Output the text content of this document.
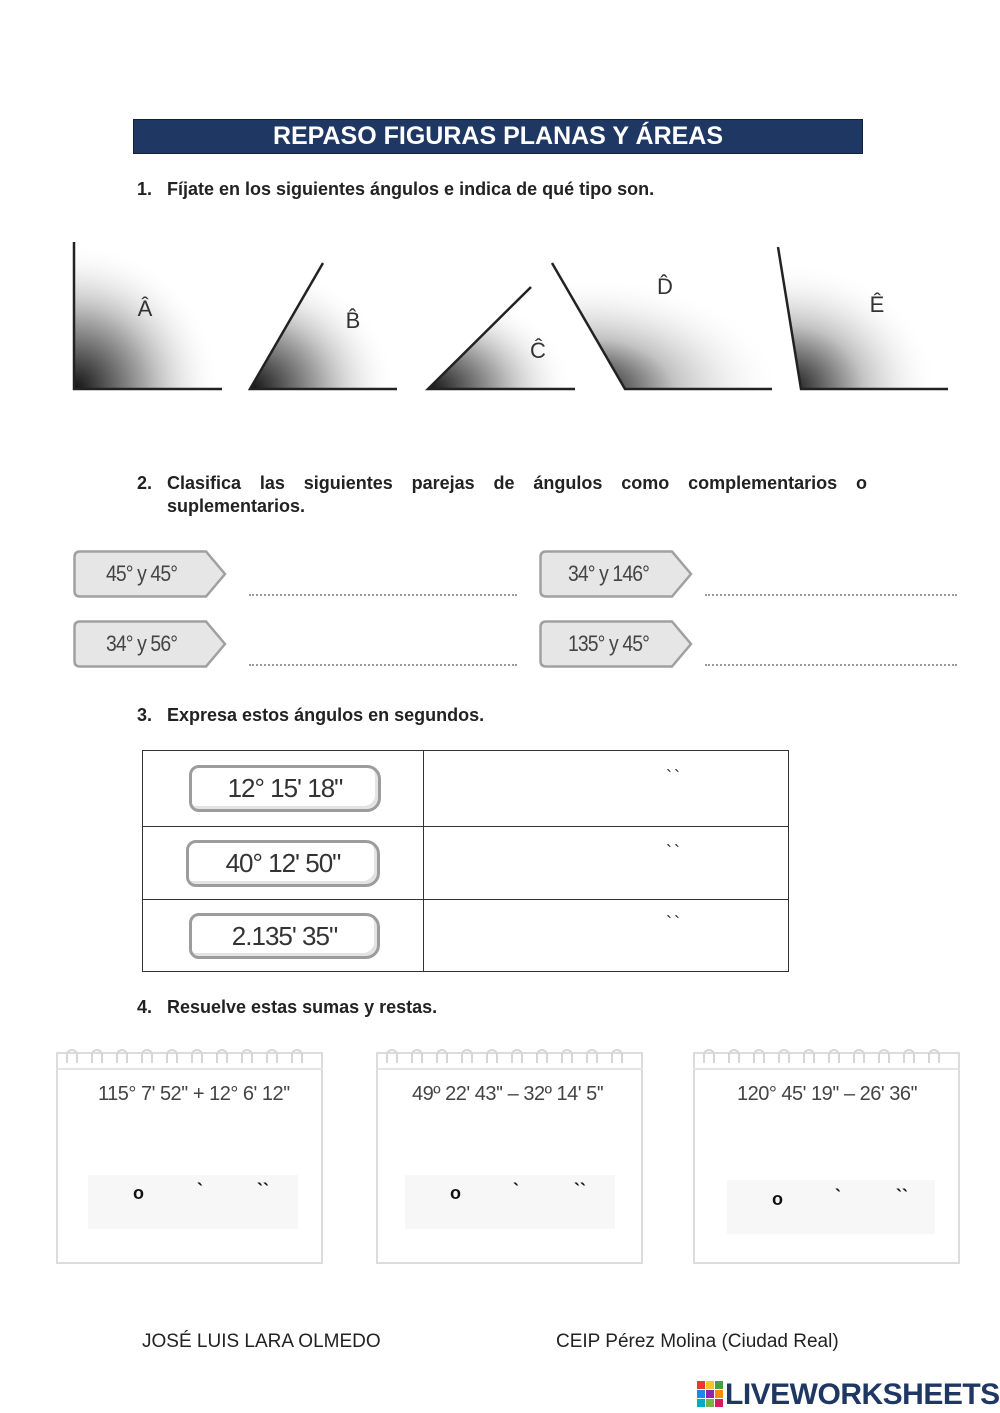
REPASO FIGURAS PLANAS Y ÁREAS
1. Fíjate en los siguientes ángulos e indica de qué tipo son.
Â	B̂
Ĉ
D̂
Ê
2. Clasifica las siguientes parejas de ángulos como complementarios o
suplementarios.
45° y 45°	34° y 146°
34° y 56°	135° y 45°
3. Expresa estos ángulos en segundos.
12° 15' 18"	``

40° 12' 50"	``

2.135' 35"	``
4. Resuelve estas sumas y restas.
115° 7' 52'' + 12° 6' 12''
o	`	``
49º 22' 43'' – 32º 14' 5''
o	`	``
120° 45' 19'' – 26' 36''
o	`	``
JOSÉ LUIS LARA OLMEDO	CEIP Pérez Molina (Ciudad Real)
LIVEWORKSHEETS
